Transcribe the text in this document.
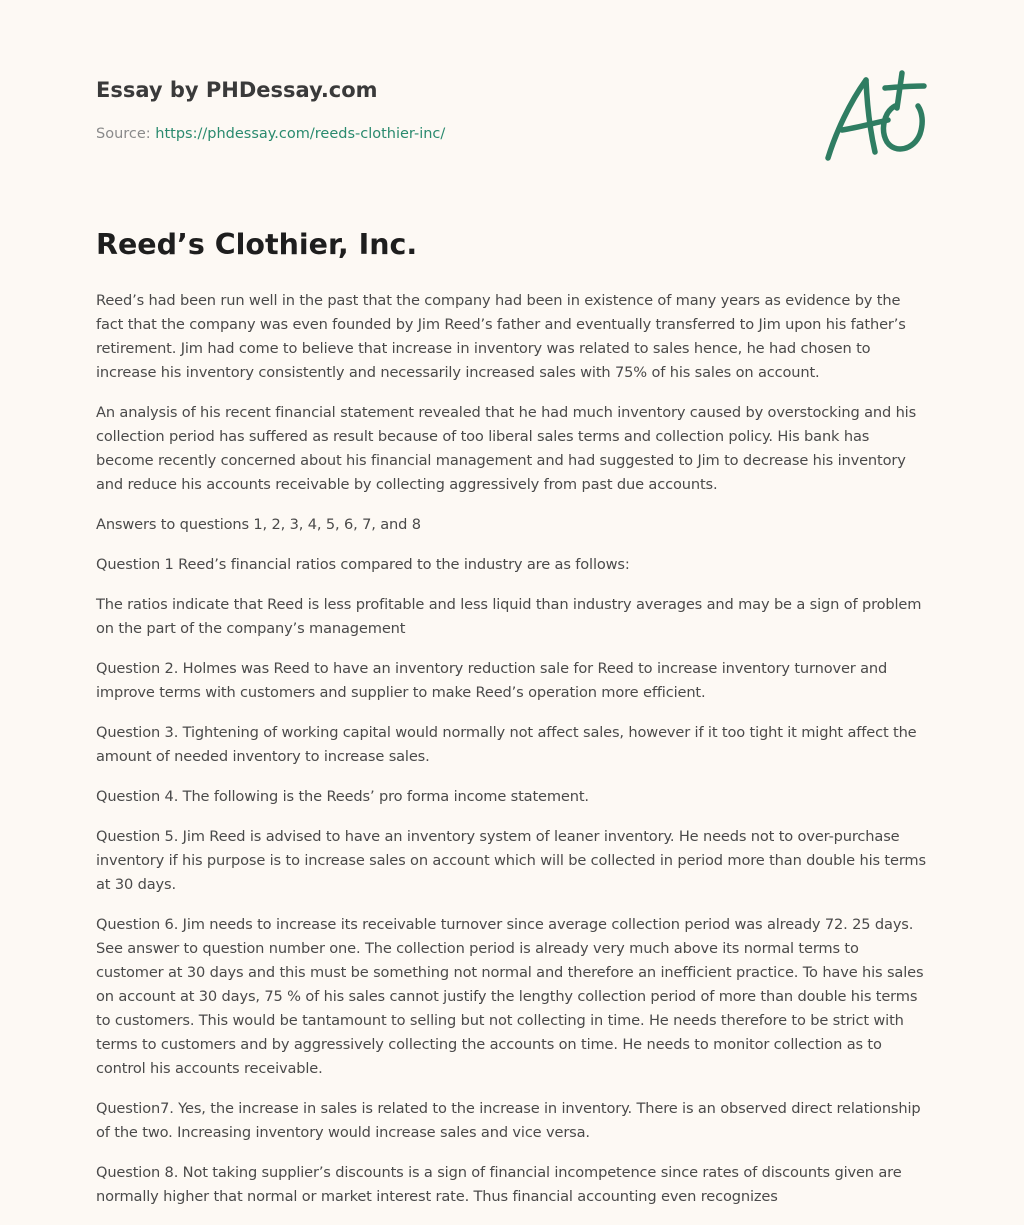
Essay by PHDessay.com
Source: https://phdessay.com/reeds-clothier-inc/
Reed’s Clothier, Inc.

Reed’s had been run well in the past that the company had been in existence of many years as evidence by the fact that the company was even founded by Jim Reed’s father and eventually transferred to Jim upon his father’s retirement. Jim had come to believe that increase in inventory was related to sales hence, he had chosen to increase his inventory consistently and necessarily increased sales with 75% of his sales on account.

An analysis of his recent financial statement revealed that he had much inventory caused by overstocking and his collection period has suffered as result because of too liberal sales terms and collection policy. His bank has become recently concerned about his financial management and had suggested to Jim to decrease his inventory and reduce his accounts receivable by collecting aggressively from past due accounts.

Answers to questions 1, 2, 3, 4, 5, 6, 7, and 8

Question 1 Reed’s financial ratios compared to the industry are as follows:

The ratios indicate that Reed is less profitable and less liquid than industry averages and may be a sign of problem on the part of the company’s management

Question 2. Holmes was Reed to have an inventory reduction sale for Reed to increase inventory turnover and improve terms with customers and supplier to make Reed’s operation more efficient.

Question 3. Tightening of working capital would normally not affect sales, however if it too tight it might affect the amount of needed inventory to increase sales.

Question 4. The following is the Reeds’ pro forma income statement.

Question 5. Jim Reed is advised to have an inventory system of leaner inventory. He needs not to over-purchase inventory if his purpose is to increase sales on account which will be collected in period more than double his terms at 30 days.

Question 6. Jim needs to increase its receivable turnover since average collection period was already 72. 25 days. See answer to question number one. The collection period is already very much above its normal terms to customer at 30 days and this must be something not normal and therefore an inefficient practice. To have his sales on account at 30 days, 75 % of his sales cannot justify the lengthy collection period of more than double his terms to customers. This would be tantamount to selling but not collecting in time. He needs therefore to be strict with terms to customers and by aggressively collecting the accounts on time. He needs to monitor collection as to control his accounts receivable.

Question7. Yes, the increase in sales is related to the increase in inventory. There is an observed direct relationship of the two. Increasing inventory would increase sales and vice versa.

Question 8. Not taking supplier’s discounts is a sign of financial incompetence since rates of discounts given are normally higher that normal or market interest rate. Thus financial accounting even recognizes
